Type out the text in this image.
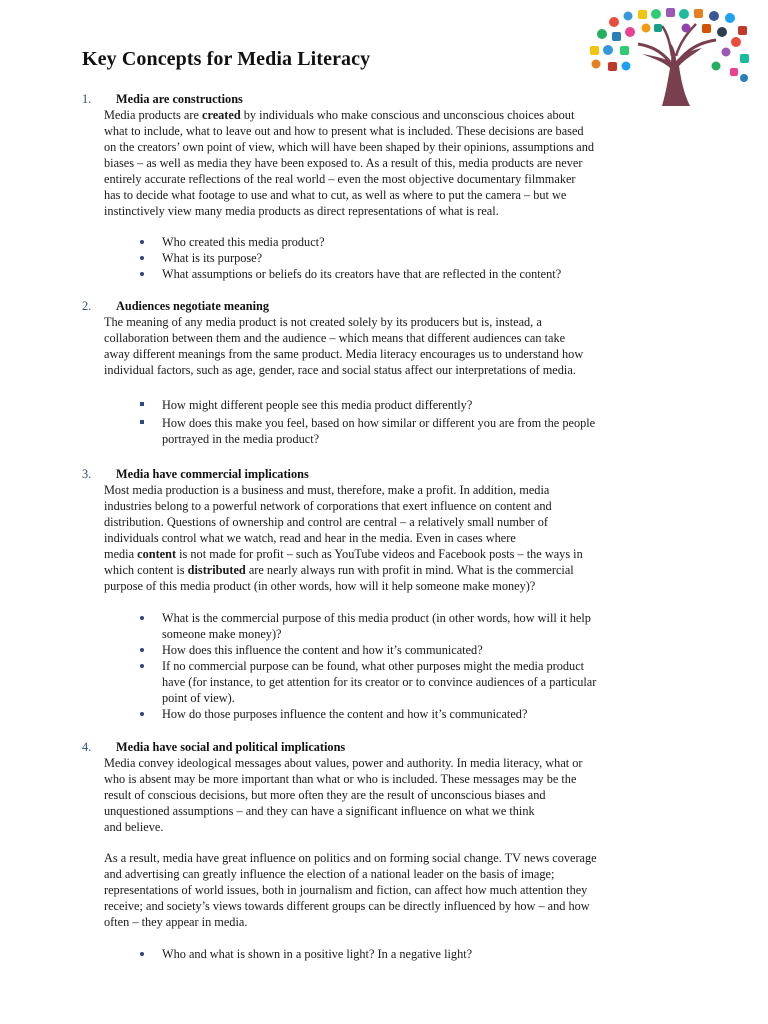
Key Concepts for Media Literacy
1.	Media are constructions
Media products are created by individuals who make conscious and unconscious choices about
what to include, what to leave out and how to present what is included. These decisions are based
on the creators’ own point of view, which will have been shaped by their opinions, assumptions and
biases – as well as media they have been exposed to. As a result of this, media products are never
entirely accurate reflections of the real world – even the most objective documentary filmmaker
has to decide what footage to use and what to cut, as well as where to put the camera – but we
instinctively view many media products as direct representations of what is real.
Who created this media product?
What is its purpose?
What assumptions or beliefs do its creators have that are reflected in the content?
2.	Audiences negotiate meaning
The meaning of any media product is not created solely by its producers but is, instead, a
collaboration between them and the audience – which means that different audiences can take
away different meanings from the same product. Media literacy encourages us to understand how
individual factors, such as age, gender, race and social status affect our interpretations of media.
How might different people see this media product differently?
How does this make you feel, based on how similar or different you are from the people
portrayed in the media product?
3.	Media have commercial implications
Most media production is a business and must, therefore, make a profit. In addition, media
industries belong to a powerful network of corporations that exert influence on content and
distribution. Questions of ownership and control are central – a relatively small number of
individuals control what we watch, read and hear in the media. Even in cases where
media content is not made for profit – such as YouTube videos and Facebook posts – the ways in
which content is distributed are nearly always run with profit in mind. What is the commercial
purpose of this media product (in other words, how will it help someone make money)?
What is the commercial purpose of this media product (in other words, how will it help
someone make money)?
How does this influence the content and how it’s communicated?
If no commercial purpose can be found, what other purposes might the media product
have (for instance, to get attention for its creator or to convince audiences of a particular
point of view).
How do those purposes influence the content and how it’s communicated?
4.	Media have social and political implications
Media convey ideological messages about values, power and authority. In media literacy, what or
who is absent may be more important than what or who is included. These messages may be the
result of conscious decisions, but more often they are the result of unconscious biases and
unquestioned assumptions – and they can have a significant influence on what we think
and believe.
As a result, media have great influence on politics and on forming social change. TV news coverage
and advertising can greatly influence the election of a national leader on the basis of image;
representations of world issues, both in journalism and fiction, can affect how much attention they
receive; and society’s views towards different groups can be directly influenced by how – and how
often – they appear in media.
Who and what is shown in a positive light? In a negative light?
